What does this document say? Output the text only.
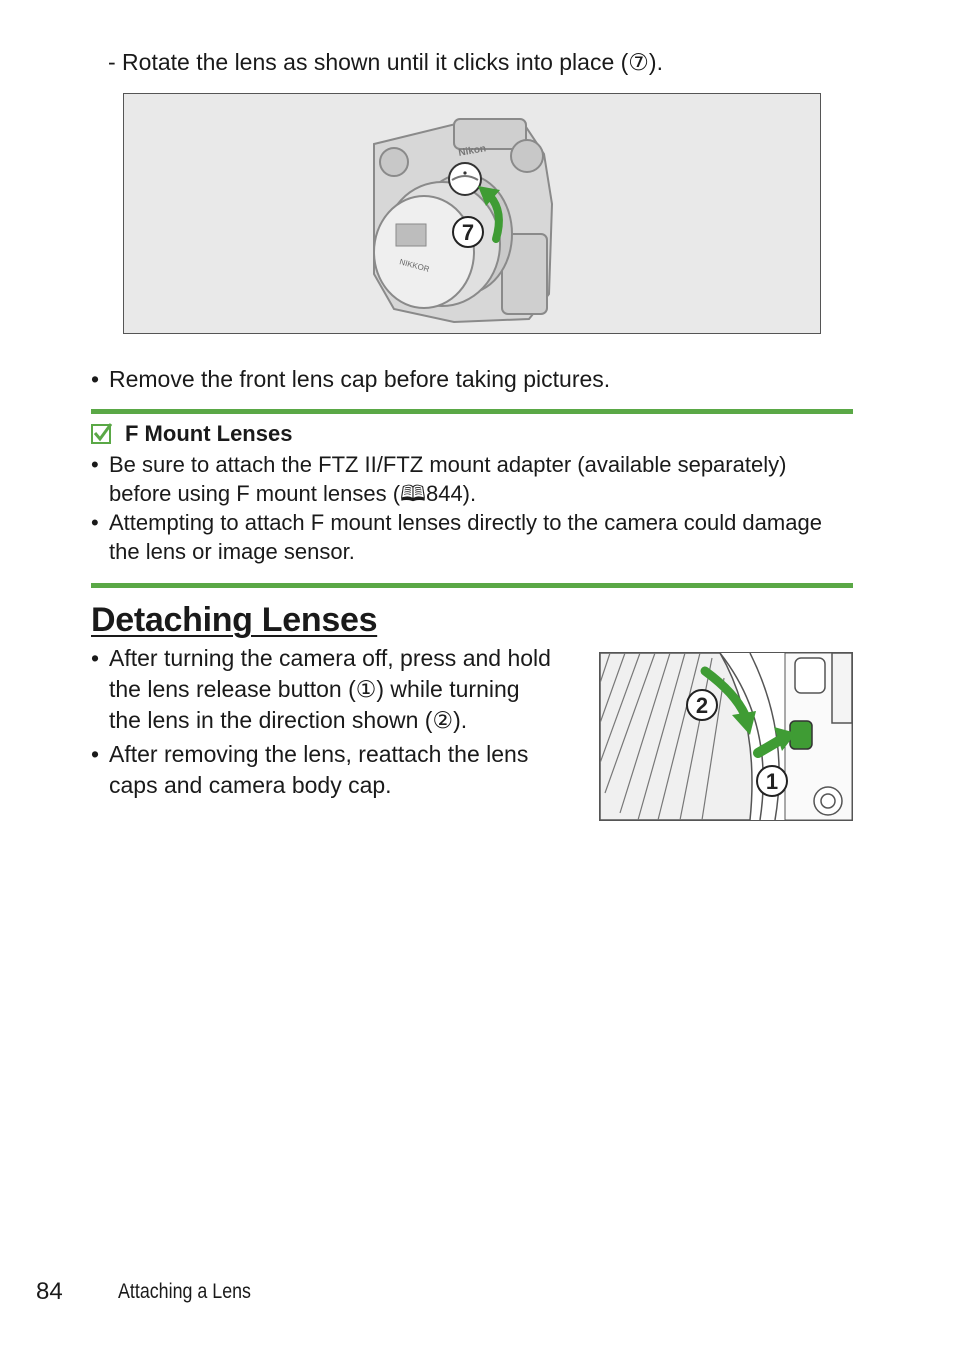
- Rotate the lens as shown until it clicks into place (⑦).
Nikon
NIKKOR
7
• Remove the front lens cap before taking pictures.
F Mount Lenses
• Be sure to attach the FTZ II/FTZ mount adapter (available separately)
before using F mount lenses (🕮844).
• Attempting to attach F mount lenses directly to the camera could damage
the lens or image sensor.
Detaching Lenses
• After turning the camera off, press and hold
the lens release button (①) while turning
the lens in the direction shown (②).
• After removing the lens, reattach the lens
caps and camera body cap.
2
1
84	Attaching a Lens
